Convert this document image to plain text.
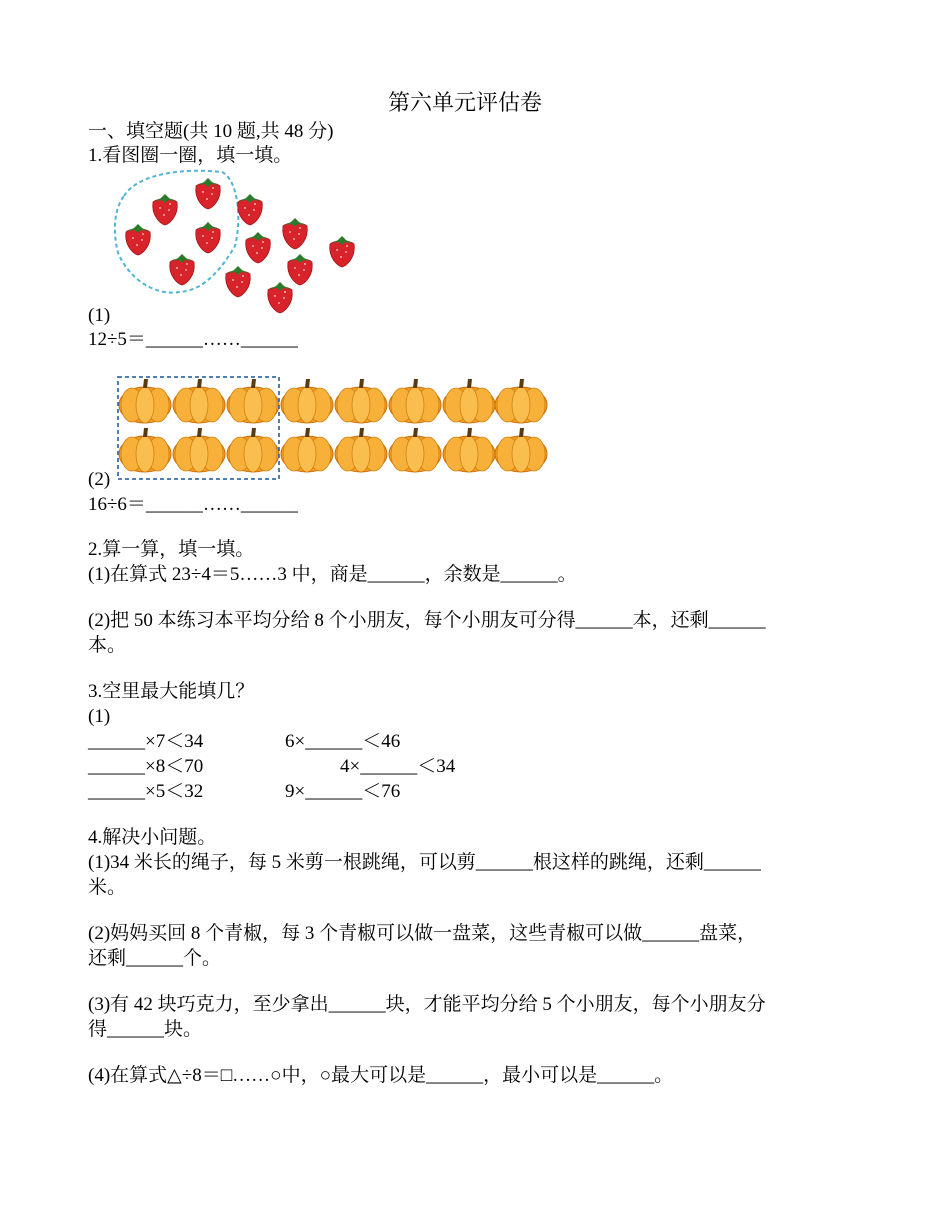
第六单元评估卷

一、填空题(共 10 题,共 48 分)

1.看图圈一圈，填一填。

(1)

12÷5＝______……______

(2)

16÷6＝______……______

2.算一算，填一填。

(1)在算式 23÷4＝5……3 中，商是______，余数是______。

(2)把 50 本练习本平均分给 8 个小朋友，每个小朋友可分得______本，还剩______

本。

3.空里最大能填几？

(1)

______×7＜34	6×______＜46

______×8＜70	4×______＜34

______×5＜32	9×______＜76

4.解决小问题。

(1)34 米长的绳子，每 5 米剪一根跳绳，可以剪______根这样的跳绳，还剩______

米。

(2)妈妈买回 8 个青椒，每 3 个青椒可以做一盘菜，这些青椒可以做______盘菜，

还剩______个。

(3)有 42 块巧克力，至少拿出______块，才能平均分给 5 个小朋友，每个小朋友分

得______块。

(4)在算式△÷8＝□……○中，○最大可以是______，最小可以是______。
